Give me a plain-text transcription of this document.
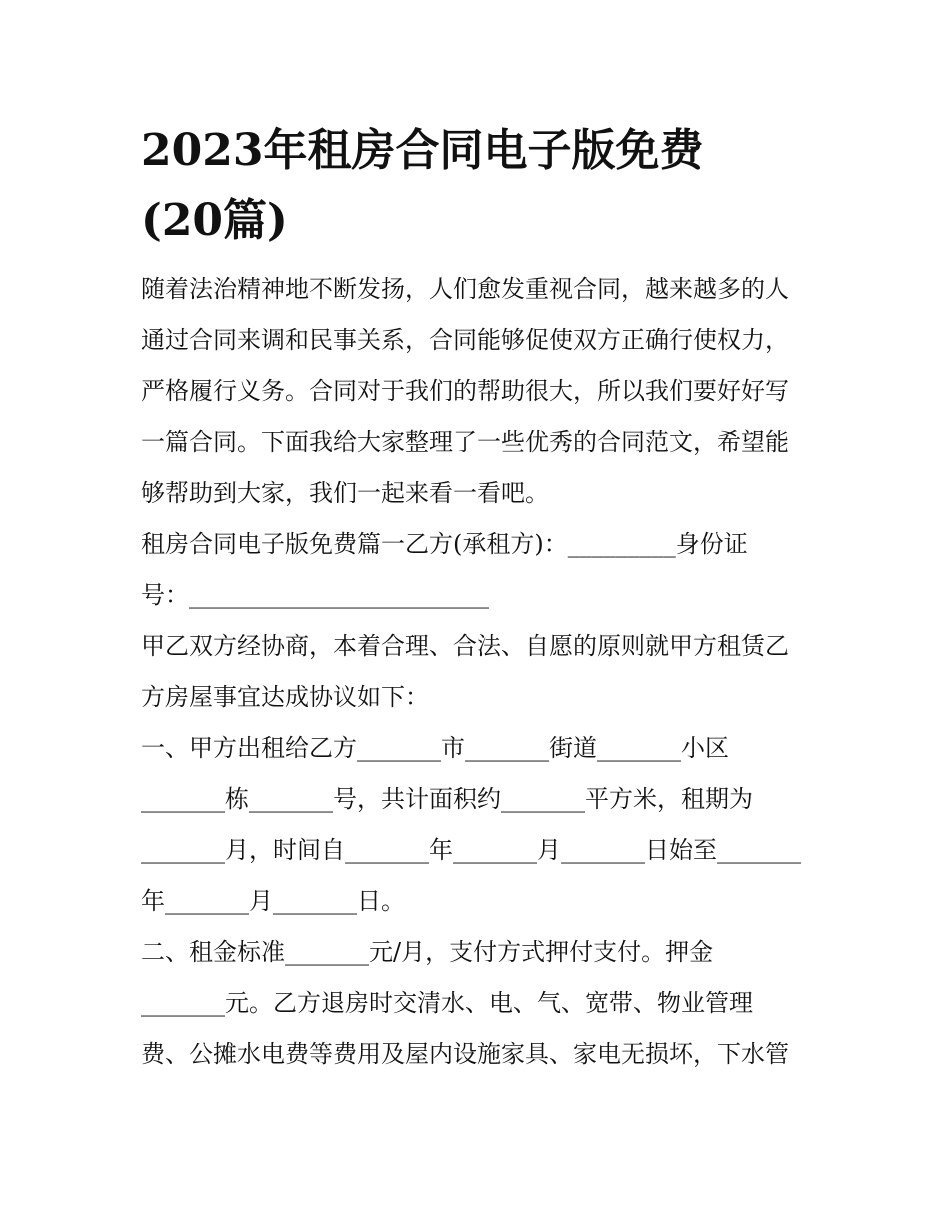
2023年租房合同电子版免费
(20篇)
随着法治精神地不断发扬，人们愈发重视合同，越来越多的人
通过合同来调和民事关系，合同能够促使双方正确行使权力，
严格履行义务。合同对于我们的帮助很大，所以我们要好好写
一篇合同。下面我给大家整理了一些优秀的合同范文，希望能
够帮助到大家，我们一起来看一看吧。
租房合同电子版免费篇一乙方(承租方)：_________身份证
号：_________________________
甲乙双方经协商，本着合理、合法、自愿的原则就甲方租赁乙
方房屋事宜达成协议如下：
一、甲方出租给乙方_______市_______街道_______小区
_______栋_______号，共计面积约_______平方米，租期为
_______月，时间自_______年_______月_______日始至_______
年_______月_______日。
二、租金标准_______元/月，支付方式押付支付。押金
_______元。乙方退房时交清水、电、气、宽带、物业管理
费、公摊水电费等费用及屋内设施家具、家电无损坏，下水管
